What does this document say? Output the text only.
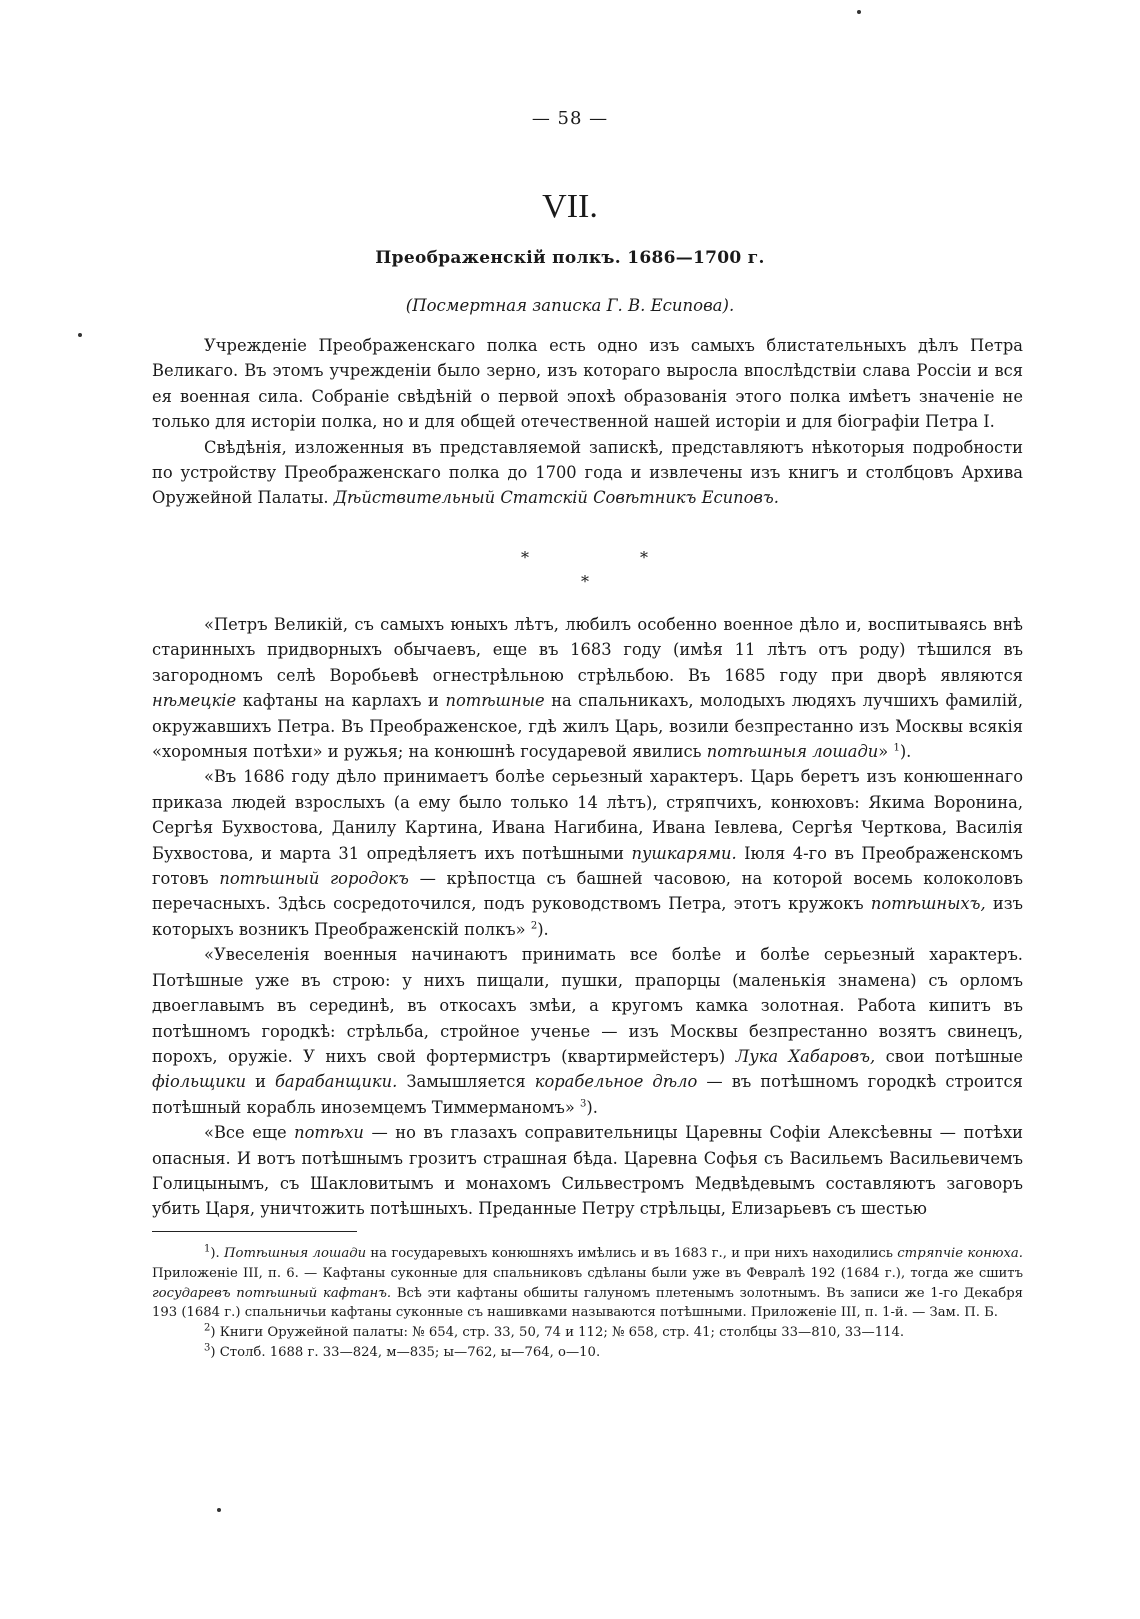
— 58 —
VII.
Преображенскій полкъ. 1686—1700 г.
(Посмертная записка Г. В. Есипова).

Учрежденіе Преображенскаго полка есть одно изъ самыхъ блистательныхъ дѣлъ Петра Великаго. Въ этомъ учрежденіи было зерно, изъ котораго выросла впослѣдствіи слава Россіи и вся ея военная сила. Собраніе свѣдѣній о первой эпохѣ образованія этого полка имѣетъ значеніе не только для исторіи полка, но и для общей отечественной нашей исторіи и для біографіи Петра I.

Свѣдѣнія, изложенныя въ представляемой запискѣ, представляютъ нѣкоторыя подробности по устройству Преображенскаго полка до 1700 года и извлечены изъ книгъ и столбцовъ Архива Оружейной Палаты. Дѣйствительный Статскій Совѣтникъ Есиповъ.

*	*
*

«Петръ Великій, съ самыхъ юныхъ лѣтъ, любилъ особенно военное дѣло и, воспитываясь внѣ старинныхъ придворныхъ обычаевъ, еще въ 1683 году (имѣя 11 лѣтъ отъ роду) тѣшился въ загородномъ селѣ Воробьевѣ огнестрѣльною стрѣльбою. Въ 1685 году при дворѣ являются нѣмецкіе кафтаны на карлахъ и потѣшные на спальникахъ, молодыхъ людяхъ лучшихъ фамилій, окружавшихъ Петра. Въ Преображенское, гдѣ жилъ Царь, возили безпрестанно изъ Москвы всякія «хоромныя потѣхи» и ружья; на конюшнѣ государевой явились потѣшныя лошади» $^1$).

«Въ 1686 году дѣло принимаетъ болѣе серьезный характеръ. Царь беретъ изъ конюшеннаго приказа людей взрослыхъ (а ему было только 14 лѣтъ), стряпчихъ, конюховъ: Якима Воронина, Сергѣя Бухвостова, Данилу Картина, Ивана Нагибина, Ивана Іевлева, Сергѣя Черткова, Василія Бухвостова, и марта 31 опредѣляетъ ихъ потѣшными пушкарями. Іюля 4-го въ Преображенскомъ готовъ потѣшный городокъ — крѣпостца съ башней часовою, на которой восемь колоколовъ перечасныхъ. Здѣсь сосредоточился, подъ руководствомъ Петра, этотъ кружокъ потѣшныхъ, изъ которыхъ возникъ Преображенскій полкъ» $^2$).

«Увеселенія военныя начинаютъ принимать все болѣе и болѣе серьезный характеръ. Потѣшные уже въ строю: у нихъ пищали, пушки, прапорцы (маленькія знамена) съ орломъ двоеглавымъ въ серединѣ, въ откосахъ змѣи, а кругомъ камка золотная. Работа кипитъ въ потѣшномъ городкѣ: стрѣльба, стройное ученье — изъ Москвы безпрестанно возятъ свинецъ, порохъ, оружіе. У нихъ свой фортермистръ (квартирмейстеръ) Лука Хабаровъ, свои потѣшные фіольщики и барабанщики. Замышляется корабельное дѣло — въ потѣшномъ городкѣ строится потѣшный корабль иноземцемъ Тиммерманомъ» $^3$).

«Все еще потѣхи — но въ глазахъ соправительницы Царевны Софіи Алексѣевны — потѣхи опасныя. И вотъ потѣшнымъ грозитъ страшная бѣда. Царевна Софья съ Васильемъ Васильевичемъ Голицынымъ, съ Шакловитымъ и монахомъ Сильвестромъ Медвѣдевымъ составляютъ заговоръ убить Царя, уничтожить потѣшныхъ. Преданные Петру стрѣльцы, Елизарьевъ съ шестью

$^1$). Потѣшныя лошади на государевыхъ конюшняхъ имѣлись и въ 1683 г., и при нихъ находились стряпчіе конюха. Приложеніе III, п. 6. — Кафтаны суконные для спальниковъ сдѣланы были уже въ Февралѣ 192 (1684 г.), тогда же сшитъ государевъ потѣшный кафтанъ. Всѣ эти кафтаны обшиты галуномъ плетенымъ золотнымъ. Въ записи же 1-го Декабря 193 (1684 г.) спальничьи кафтаны суконные съ нашивками называются потѣшными. Приложеніе III, п. 1-й. — Зам. П. Б.

$^2$) Книги Оружейной палаты: № 654, стр. 33, 50, 74 и 112; № 658, стр. 41; столбцы 33—810, 33—114.

$^3$) Столб. 1688 г. 33—824, м—835; ы—762, ы—764, о—10.
